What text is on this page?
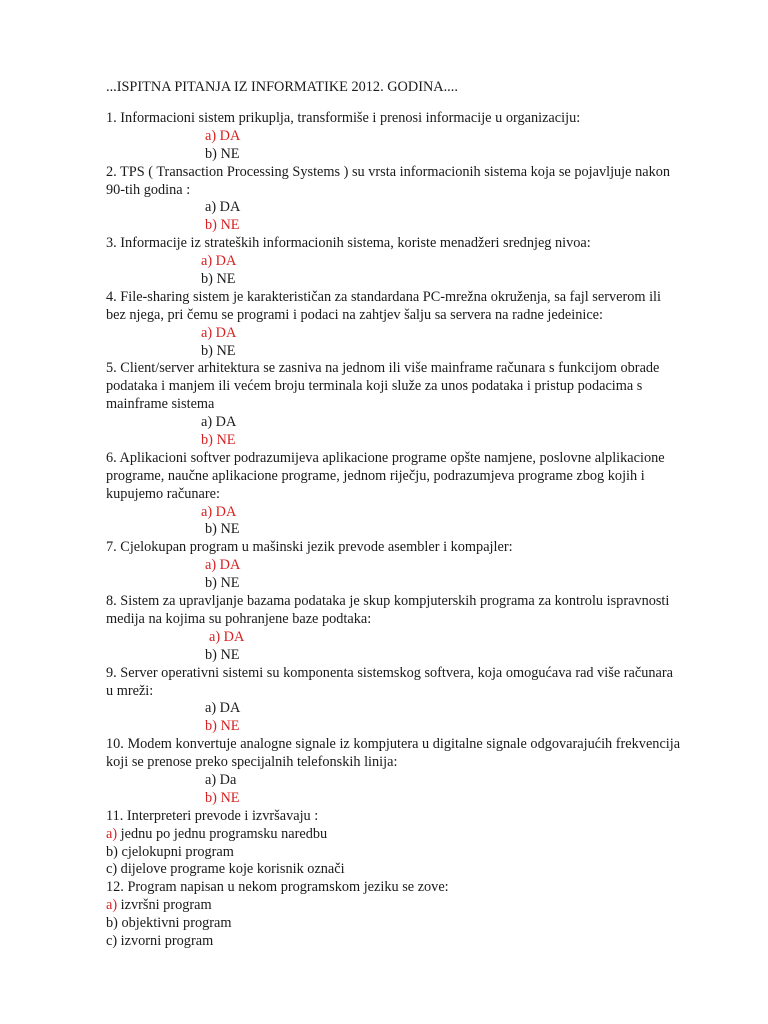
...ISPITNA PITANJA IZ INFORMATIKE 2012. GODINA....
1. Informacioni sistem prikuplja, transformiše i prenosi informacije u organizaciju:
a) DA
b) NE
2. TPS ( Transaction Processing Systems ) su vrsta informacionih sistema koja se pojavljuje nakon
90-tih godina :
a) DA
b) NE
3. Informacije iz strateških informacionih sistema, koriste menadžeri srednjeg nivoa:
a) DA
b) NE
4. File-sharing sistem je karakterističan za standardana PC-mrežna okruženja, sa fajl serverom ili
bez njega, pri čemu se programi i podaci na zahtjev šalju sa servera na radne jedeinice:
a) DA
b) NE
5. Client/server arhitektura se zasniva na jednom ili više mainframe računara s funkcijom obrade
podataka i manjem ili većem broju terminala koji služe za unos podataka i pristup podacima s
mainframe sistema
a) DA
b) NE
6. Aplikacioni softver podrazumijeva aplikacione programe opšte namjene, poslovne alplikacione
programe, naučne aplikacione programe, jednom riječju, podrazumjeva programe zbog kojih i
kupujemo računare:
a) DA
b) NE
7. Cjelokupan program u mašinski jezik prevode asembler i kompajler:
a) DA
b) NE
8. Sistem za upravljanje bazama podataka je skup kompjuterskih programa za kontrolu ispravnosti
medija na kojima su pohranjene baze podtaka:
a) DA
b) NE
9. Server operativni sistemi su komponenta sistemskog softvera, koja omogućava rad više računara
u mreži:
a) DA
b) NE
10. Modem konvertuje analogne signale iz kompjutera u digitalne signale odgovarajućih frekvencija
koji se prenose preko specijalnih telefonskih linija:
a) Da
b) NE
11. Interpreteri prevode i izvršavaju :
a) jednu po jednu programsku naredbu
b) cjelokupni program
c) dijelove programe koje korisnik označi
12. Program napisan u nekom programskom jeziku se zove:
a) izvršni program
b) objektivni program
c) izvorni program
